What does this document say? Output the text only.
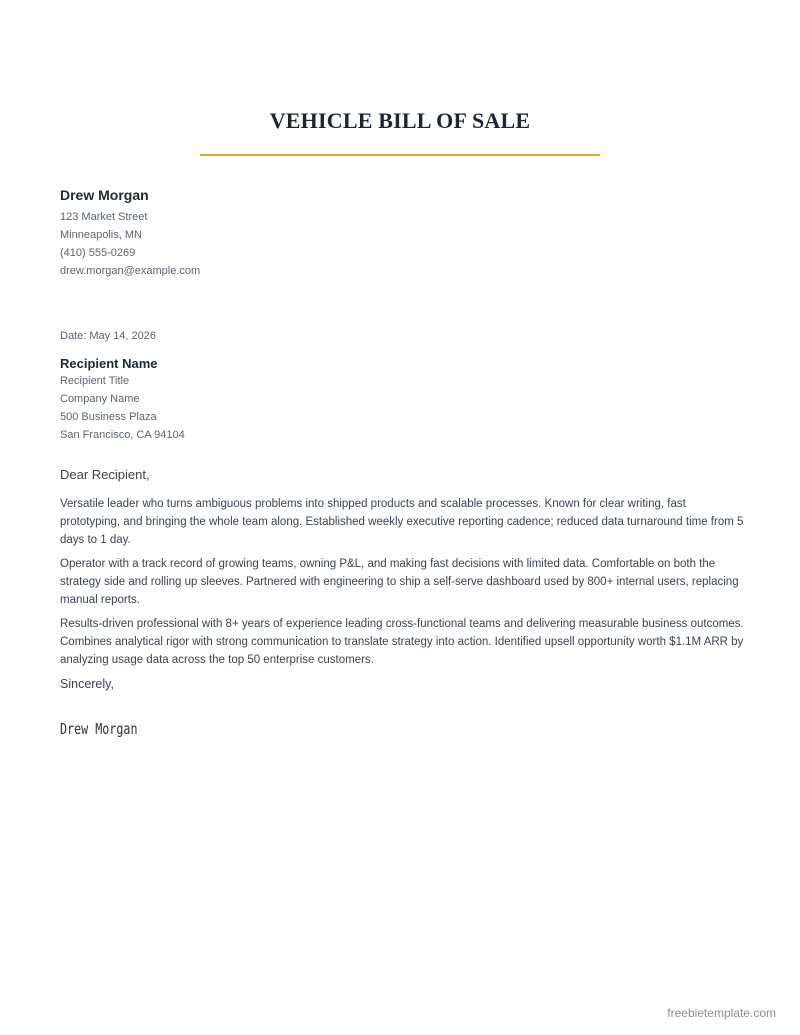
VEHICLE BILL OF SALE
Drew Morgan
123 Market Street
Minneapolis, MN
(410) 555-0269
drew.morgan@example.com
Date: May 14, 2026
Recipient Name
Recipient Title
Company Name
500 Business Plaza
San Francisco, CA 94104
Dear Recipient,

Versatile leader who turns ambiguous problems into shipped products and scalable processes. Known for clear writing, fast prototyping, and bringing the whole team along. Established weekly executive reporting cadence; reduced data turnaround time from 5 days to 1 day.

Operator with a track record of growing teams, owning P&L, and making fast decisions with limited data. Comfortable on both the strategy side and rolling up sleeves. Partnered with engineering to ship a self-serve dashboard used by 800+ internal users, replacing manual reports.

Results-driven professional with 8+ years of experience leading cross-functional teams and delivering measurable business outcomes. Combines analytical rigor with strong communication to translate strategy into action. Identified upsell opportunity worth $1.1M ARR by analyzing usage data across the top 50 enterprise customers.

Sincerely,
Drew Morgan
freebietemplate.com
